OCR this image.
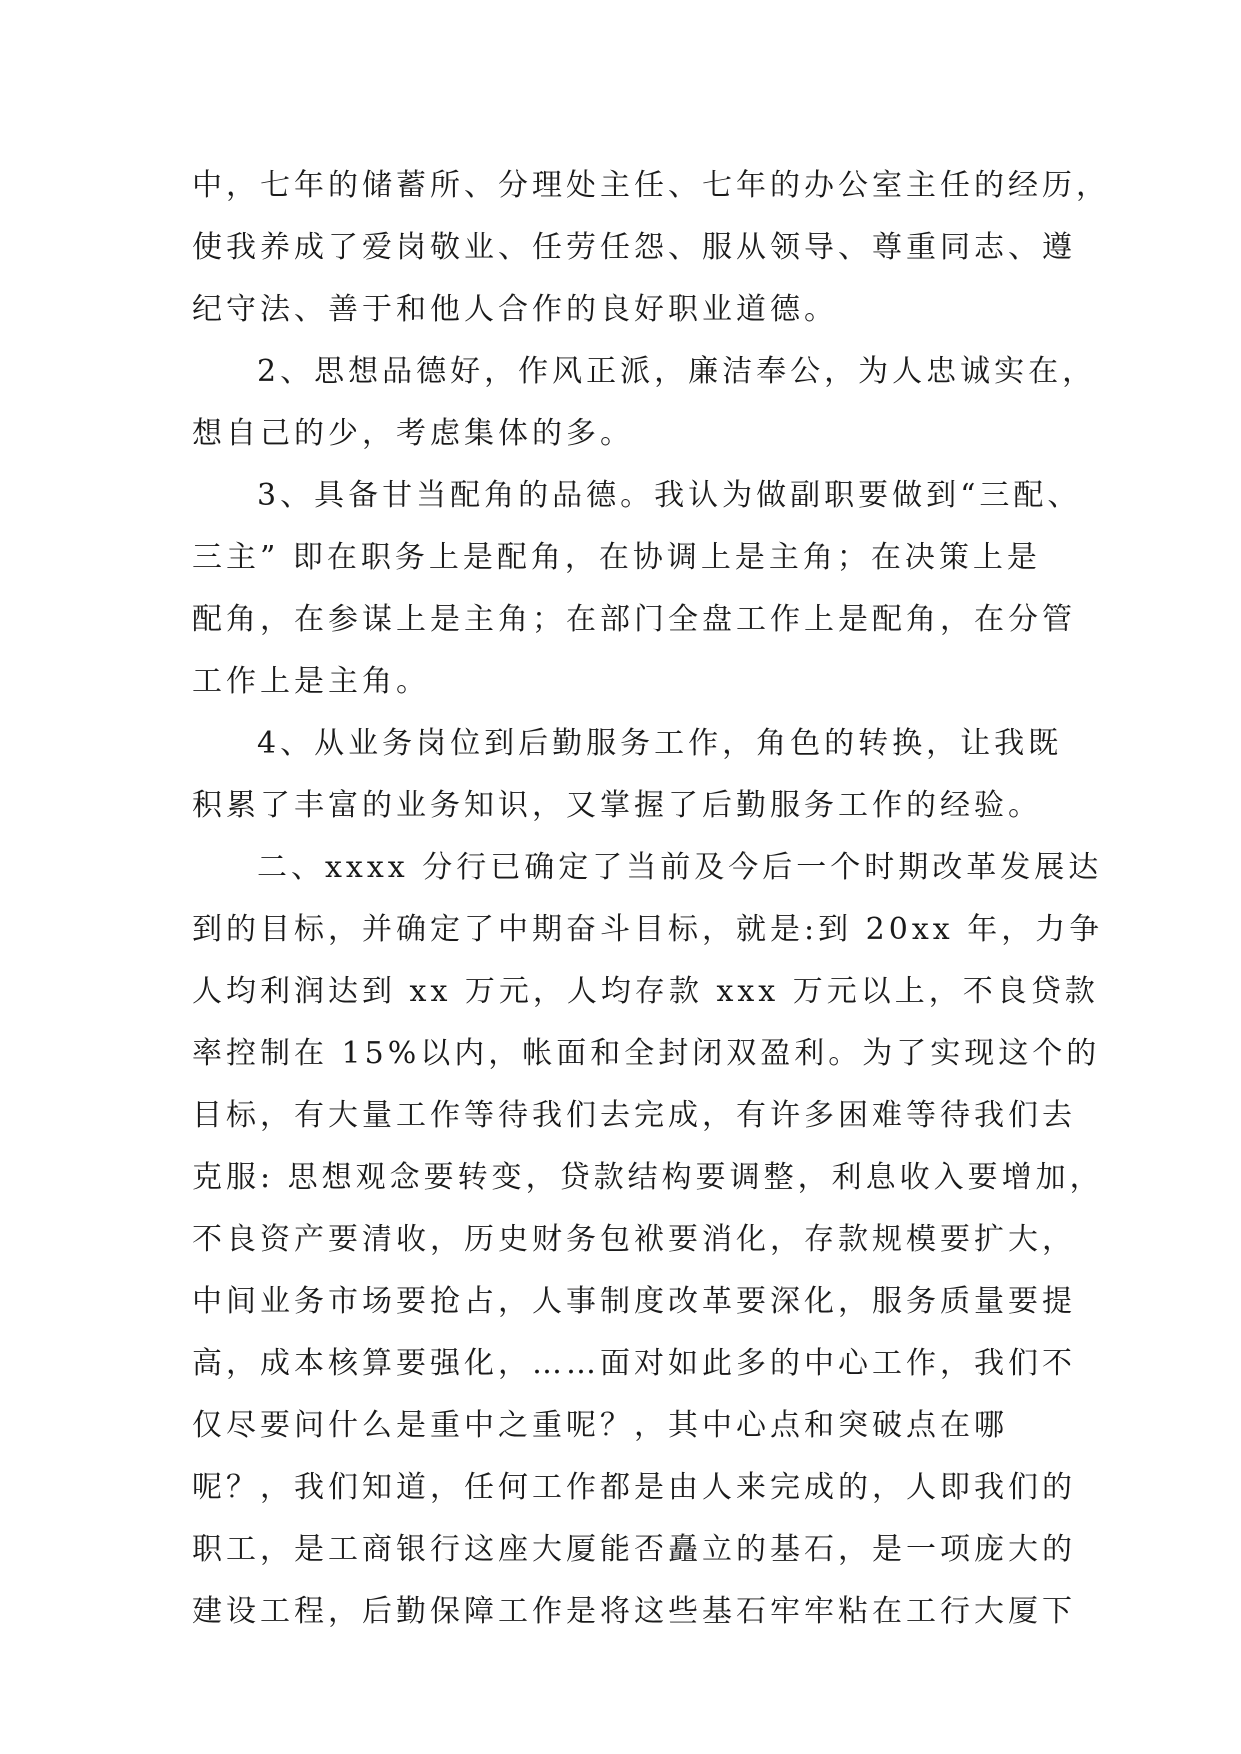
中，七年的储蓄所、分理处主任、七年的办公室主任的经历，
使我养成了爱岗敬业、任劳任怨、服从领导、尊重同志、遵
纪守法、善于和他人合作的良好职业道德。
2、思想品德好，作风正派，廉洁奉公，为人忠诚实在，
想自己的少，考虑集体的多。
3、具备甘当配角的品德。我认为做副职要做到“三配、
三主” 即在职务上是配角，在协调上是主角；在决策上是
配角，在参谋上是主角；在部门全盘工作上是配角，在分管
工作上是主角。
4、从业务岗位到后勤服务工作，角色的转换，让我既
积累了丰富的业务知识，又掌握了后勤服务工作的经验。
二、xxxx 分行已确定了当前及今后一个时期改革发展达
到的目标，并确定了中期奋斗目标，就是:到 20xx 年，力争
人均利润达到 xx 万元，人均存款 xxx 万元以上，不良贷款
率控制在 15%以内，帐面和全封闭双盈利。为了实现这个的
目标，有大量工作等待我们去完成，有许多困难等待我们去
克服: 思想观念要转变，贷款结构要调整，利息收入要增加，
不良资产要清收，历史财务包袱要消化，存款规模要扩大，
中间业务市场要抢占，人事制度改革要深化，服务质量要提
高，成本核算要强化，……面对如此多的中心工作，我们不
仅尽要问什么是重中之重呢？，其中心点和突破点在哪
呢？，我们知道，任何工作都是由人来完成的，人即我们的
职工，是工商银行这座大厦能否矗立的基石，是一项庞大的
建设工程，后勤保障工作是将这些基石牢牢粘在工行大厦下
